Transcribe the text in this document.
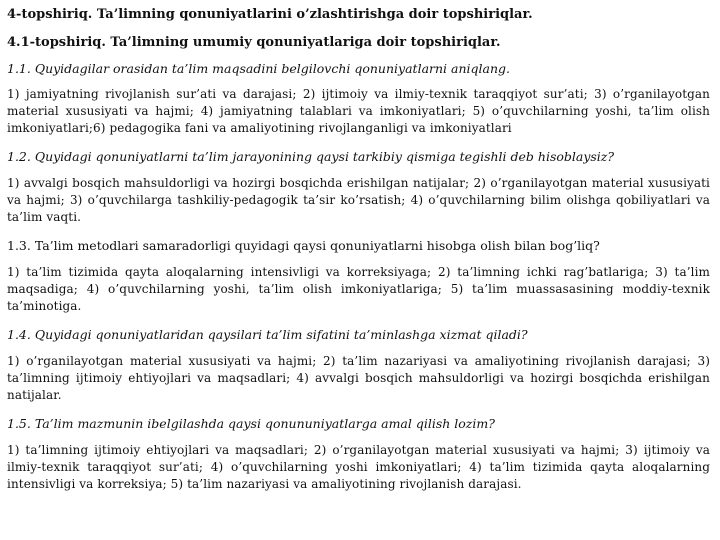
4-topshiriq. Ta’limning qonuniyatlarini o’zlashtirishga doir topshiriqlar.
4.1-topshiriq. Ta’limning umumiy qonuniyatlariga doir topshiriqlar.
1.1. Quyidagilar orasidan ta’lim maqsadini belgilovchi qonuniyatlarni aniqlang.
1) jamiyatning rivojlanish sur’ati va darajasi; 2) ijtimoiy va ilmiy-texnik taraqqiyot sur’ati; 3) o’rganilayotgan material xususiyati va hajmi; 4) jamiyatning talablari va imkoniyatlari; 5) o’quvchilarning yoshi, ta’lim olish imkoniyatlari;6) pedagogika fani va amaliyotining rivojlanganligi va imkoniyatlari
1.2. Quyidagi qonuniyatlarni ta’lim jarayonining qaysi tarkibiy qismiga tegishli deb hisoblaysiz?
1) avvalgi bosqich mahsuldorligi va hozirgi bosqichda erishilgan natijalar; 2) o’rganilayotgan material xususiyati va hajmi; 3) o’quvchilarga tashkiliy-pedagogik ta’sir ko’rsatish; 4) o’quvchilarning bilim olishga qobiliyatlari va ta’lim vaqti.
1.3. Ta’lim metodlari samaradorligi quyidagi qaysi qonuniyatlarni hisobga olish bilan bog’liq?
1) ta’lim tizimida qayta aloqalarning intensivligi va korreksiyaga; 2) ta’limning ichki rag’batlariga; 3) ta’lim maqsadiga; 4) o’quvchilarning yoshi, ta’lim olish imkoniyatlariga; 5) ta’lim muassasasining moddiy-texnik ta’minotiga.
1.4. Quyidagi qonuniyatlaridan qaysilari ta’lim sifatini ta’minlashga xizmat qiladi?
1) o’rganilayotgan material xususiyati va hajmi; 2) ta’lim nazariyasi va amaliyotining rivojlanish darajasi; 3) ta’limning ijtimoiy ehtiyojlari va maqsadlari; 4) avvalgi bosqich mahsuldorligi va hozirgi bosqichda erishilgan natijalar.
1.5. Ta’lim mazmunin ibelgilashda qaysi qonununiyatlarga amal qilish lozim?
1) ta’limning ijtimoiy ehtiyojlari va maqsadlari; 2) o’rganilayotgan material xususiyati va hajmi; 3) ijtimoiy va ilmiy-texnik taraqqiyot sur’ati; 4) o’quvchilarning yoshi imkoniyatlari; 4) ta’lim tizimida qayta aloqalarning intensivligi va korreksiya; 5) ta’lim nazariyasi va amaliyotining rivojlanish darajasi.
